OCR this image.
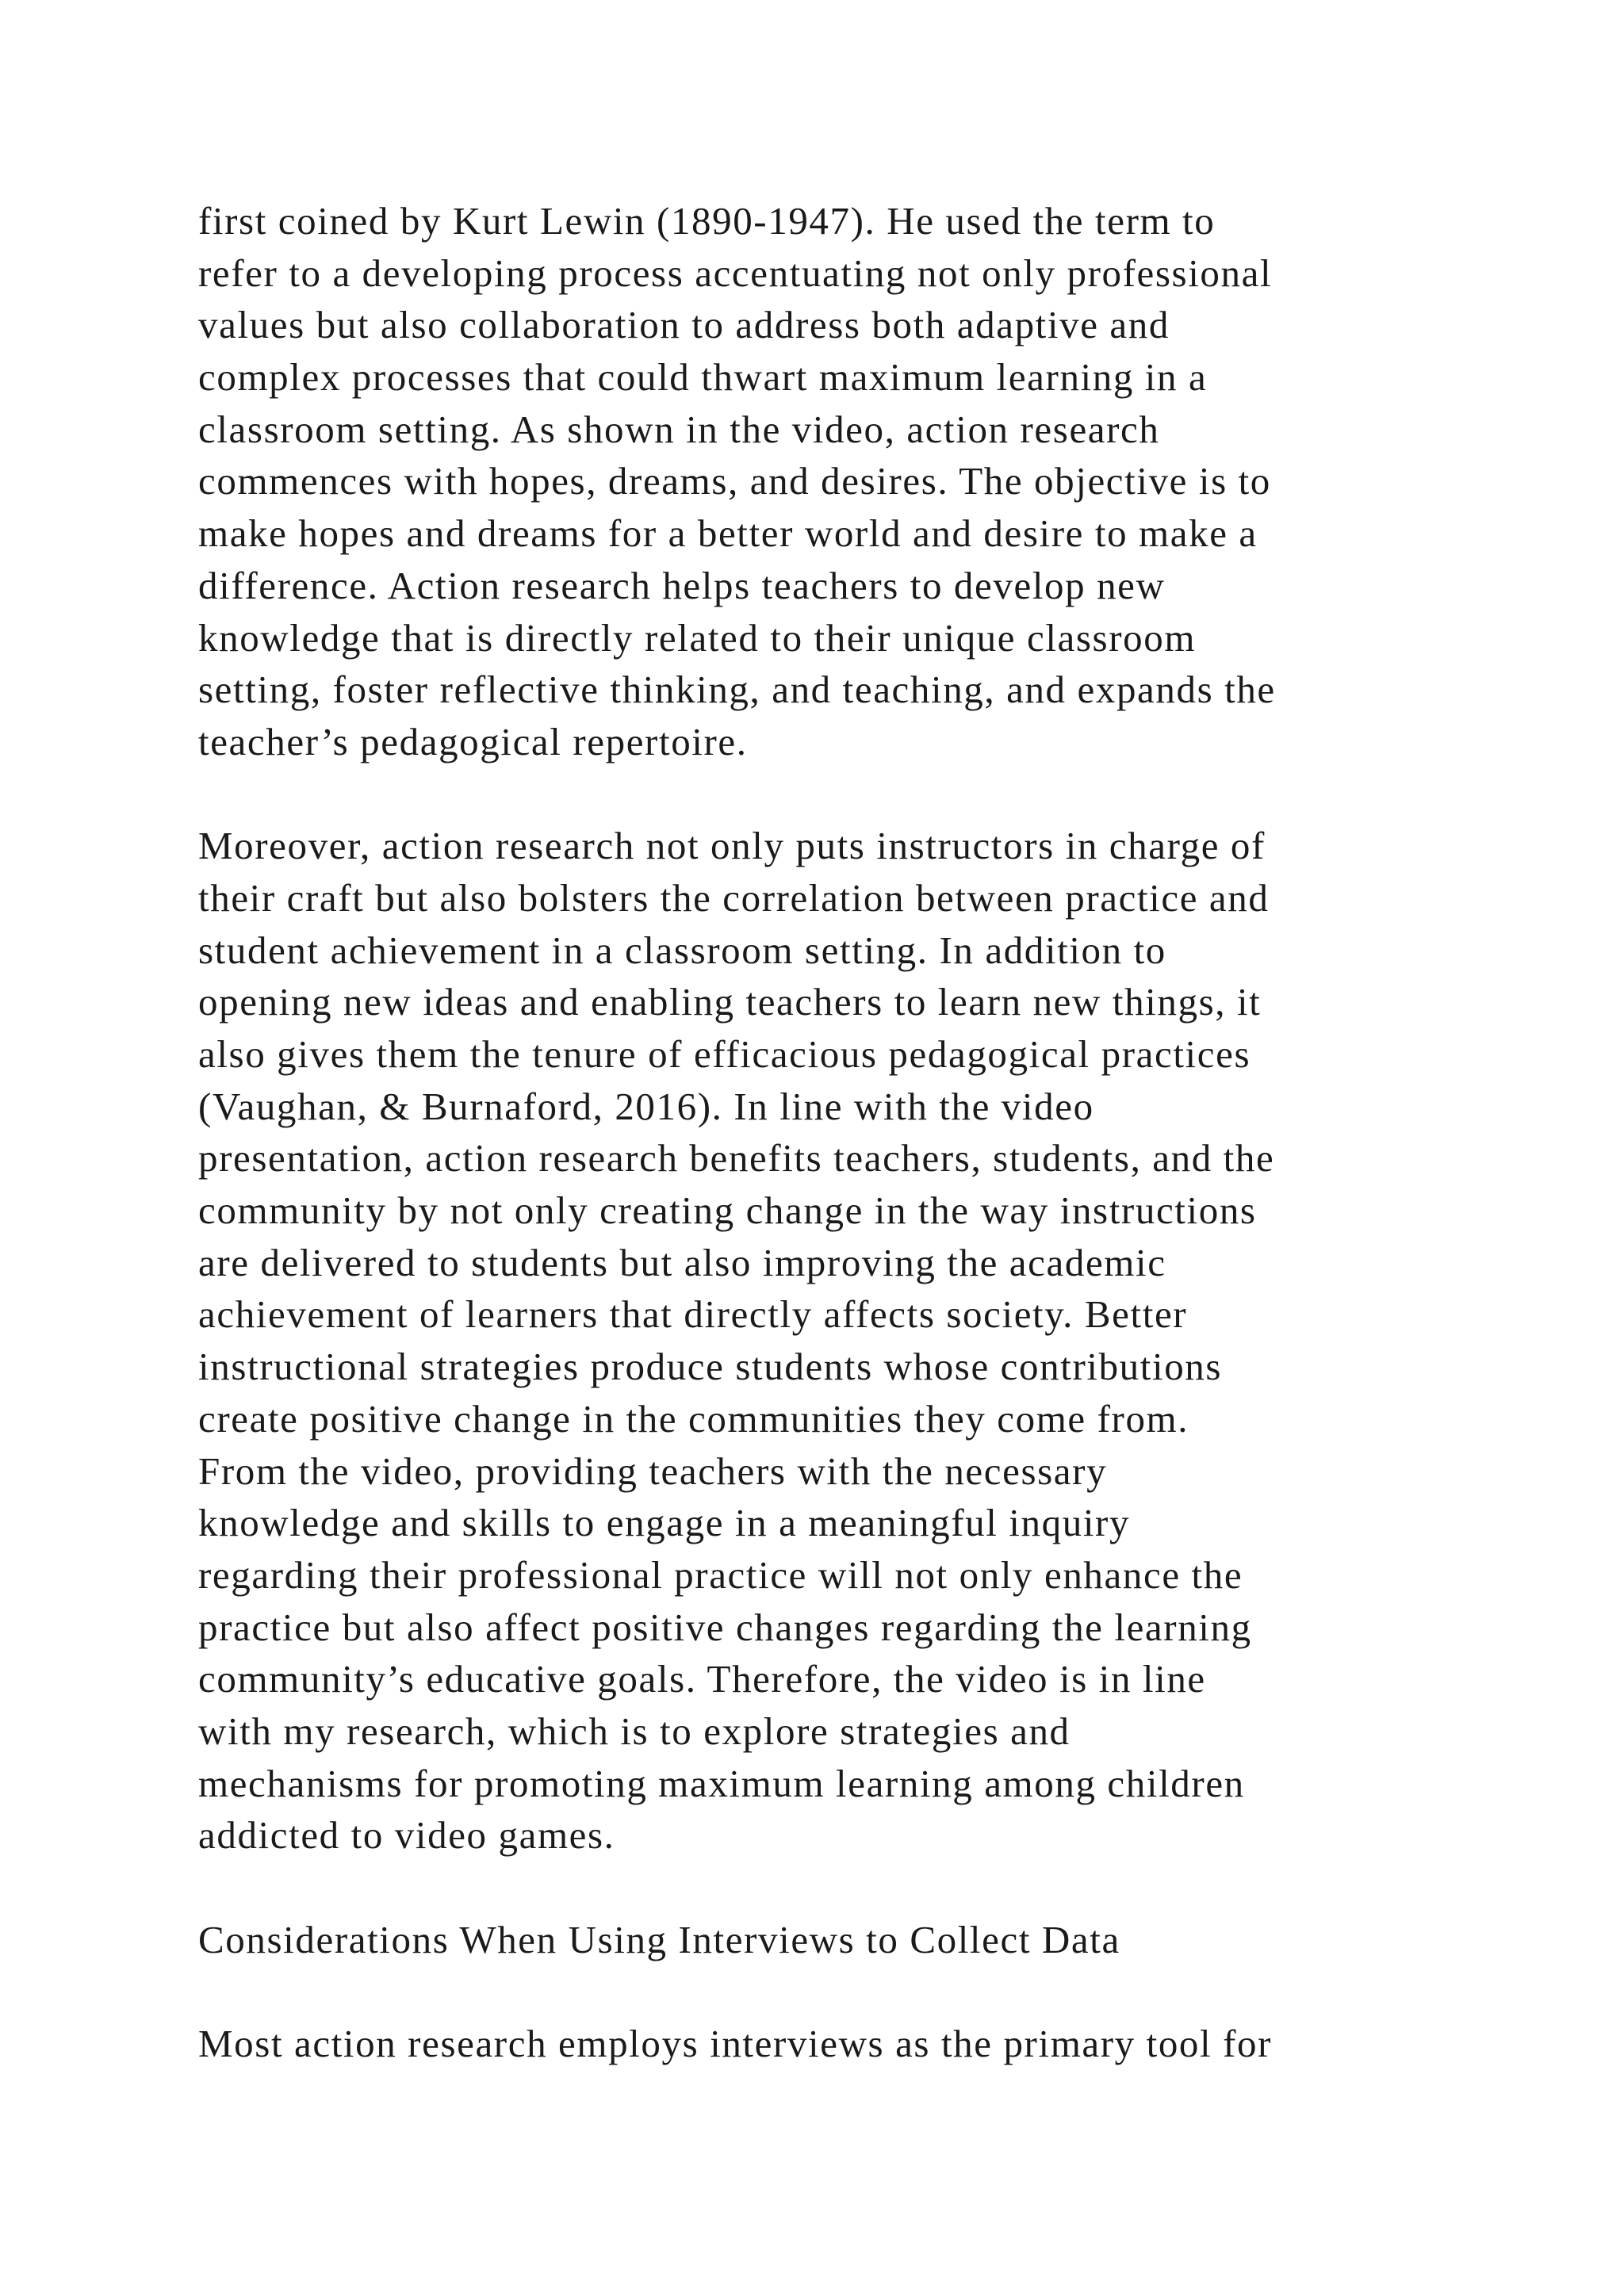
first coined by Kurt Lewin (1890-1947). He used the term to
refer to a developing process accentuating not only professional
values but also collaboration to address both adaptive and
complex processes that could thwart maximum learning in a
classroom setting. As shown in the video, action research
commences with hopes, dreams, and desires. The objective is to
make hopes and dreams for a better world and desire to make a
difference. Action research helps teachers to develop new
knowledge that is directly related to their unique classroom
setting, foster reflective thinking, and teaching, and expands the
teacher’s pedagogical repertoire.
Moreover, action research not only puts instructors in charge of
their craft but also bolsters the correlation between practice and
student achievement in a classroom setting. In addition to
opening new ideas and enabling teachers to learn new things, it
also gives them the tenure of efficacious pedagogical practices
(Vaughan, & Burnaford, 2016). In line with the video
presentation, action research benefits teachers, students, and the
community by not only creating change in the way instructions
are delivered to students but also improving the academic
achievement of learners that directly affects society. Better
instructional strategies produce students whose contributions
create positive change in the communities they come from.
From the video, providing teachers with the necessary
knowledge and skills to engage in a meaningful inquiry
regarding their professional practice will not only enhance the
practice but also affect positive changes regarding the learning
community’s educative goals. Therefore, the video is in line
with my research, which is to explore strategies and
mechanisms for promoting maximum learning among children
addicted to video games.
Considerations When Using Interviews to Collect Data
Most action research employs interviews as the primary tool for
